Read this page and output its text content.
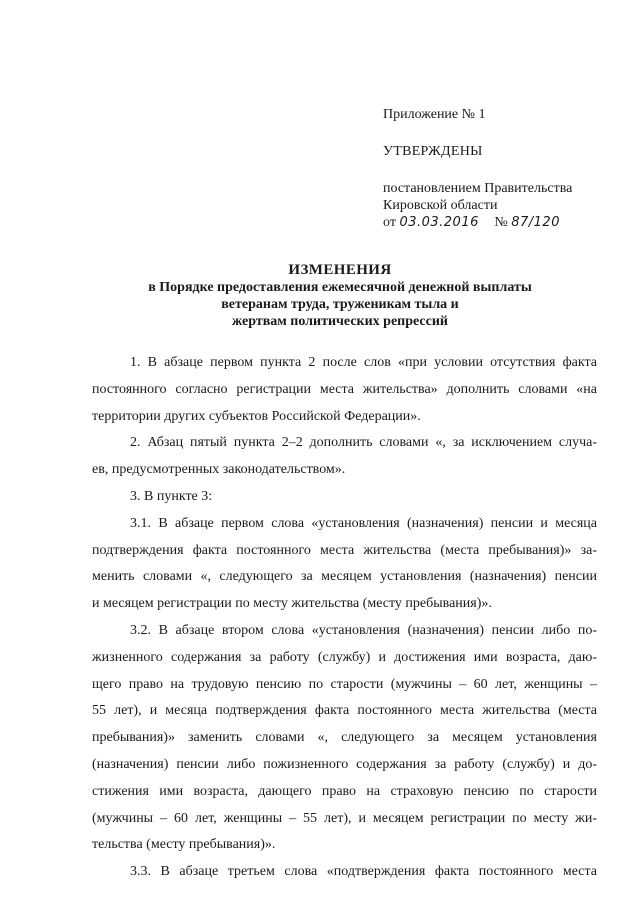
Приложение № 1
УТВЕРЖДЕНЫ
постановлением Правительства
Кировской области
от 03.03.2016 № 87/120
ИЗМЕНЕНИЯ
в Порядке предоставления ежемесячной денежной выплаты
ветеранам труда, труженикам тыла и
жертвам политических репрессий

1. В абзаце первом пункта 2 после слов «при условии отсутствия факта
постоянного согласно регистрации места жительства» дополнить словами «на
территории других субъектов Российской Федерации».

2. Абзац пятый пункта 2–2 дополнить словами «, за исключением случа-
ев, предусмотренных законодательством».

3. В пункте 3:

3.1. В абзаце первом слова «установления (назначения) пенсии и месяца
подтверждения факта постоянного места жительства (места пребывания)» за-
менить словами «, следующего за месяцем установления (назначения) пенсии
и месяцем регистрации по месту жительства (месту пребывания)».

3.2. В абзаце втором слова «установления (назначения) пенсии либо по-
жизненного содержания за работу (службу) и достижения ими возраста, даю-
щего право на трудовую пенсию по старости (мужчины – 60 лет, женщины –
55 лет), и месяца подтверждения факта постоянного места жительства (места
пребывания)» заменить словами «, следующего за месяцем установления
(назначения) пенсии либо пожизненного содержания за работу (службу) и до-
стижения ими возраста, дающего право на страховую пенсию по старости
(мужчины – 60 лет, женщины – 55 лет), и месяцем регистрации по месту жи-
тельства (месту пребывания)».

3.3. В абзаце третьем слова «подтверждения факта постоянного места
